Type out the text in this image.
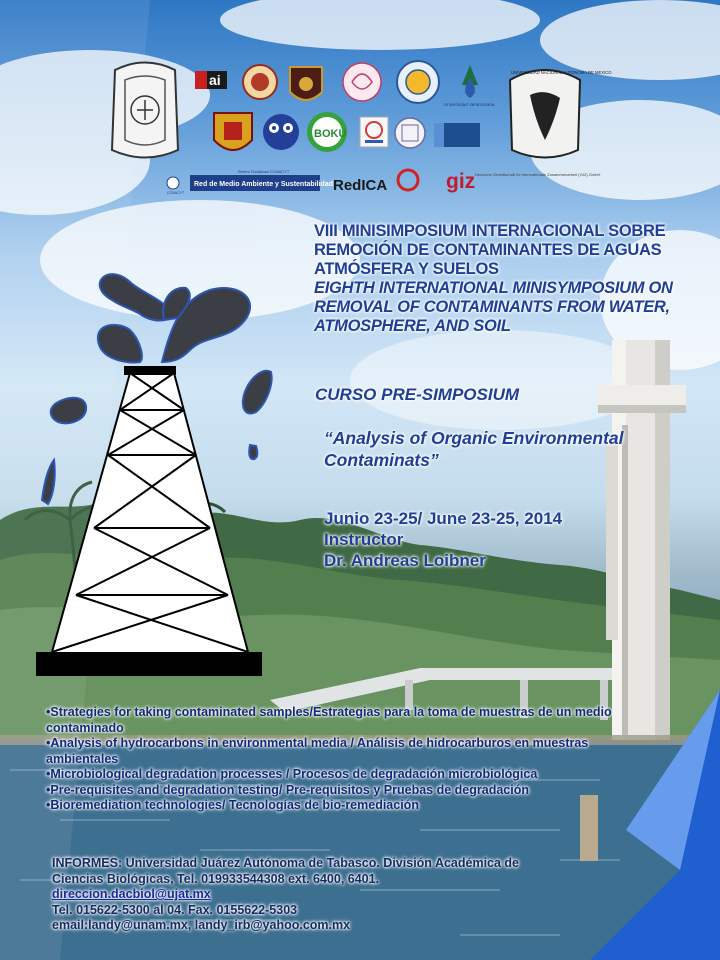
ai
Universidad Veracruzana
UNIVERSIDAD NACIONAL AUTONOMA DE MEXICO
BOKU
CONACYT
Redes Temáticas CONACYT
Red de Medio Ambiente y Sustentabilidad RedICA	giz Deutsche Gesellschaft für Internationale Zusammenarbeit (GIZ) GmbH
VIII MINISIMPOSIUM INTERNACIONAL SOBRE
REMOCIÓN DE CONTAMINANTES DE AGUAS
ATMÓSFERA Y SUELOS
EIGHTH INTERNATIONAL MINISYMPOSIUM ON
REMOVAL OF CONTAMINANTS FROM WATER,
ATMOSPHERE, AND SOIL
CURSO PRE-SIMPOSIUM
“Analysis of Organic Environmental
Contaminats”
Junio 23-25/ June 23-25, 2014
Instructor
Dr. Andreas Loibner
•Strategies for taking contaminated samples/Estrategias para la toma de muestras de un medio contaminado
•Analysis of hydrocarbons in environmental media / Análisis de hidrocarburos en muestras ambientales
•Microbiological degradation processes / Procesos de degradación microbiológica
•Pre-requisites and degradation testing/ Pre-requisitos y Pruebas de degradación
•Bioremediation technologies/ Tecnologías de bio-remediación
INFORMES: Universidad Juárez Autónoma de Tabasco. División Académica de
Ciencias Biológicas, Tel. 019933544308 ext. 6400, 6401.
direccion.dacbiol@ujat.mx
Tel. 015622-5300 al 04. Fax. 0155622-5303
email:landy@unam.mx, landy_irb@yahoo.com.mx
